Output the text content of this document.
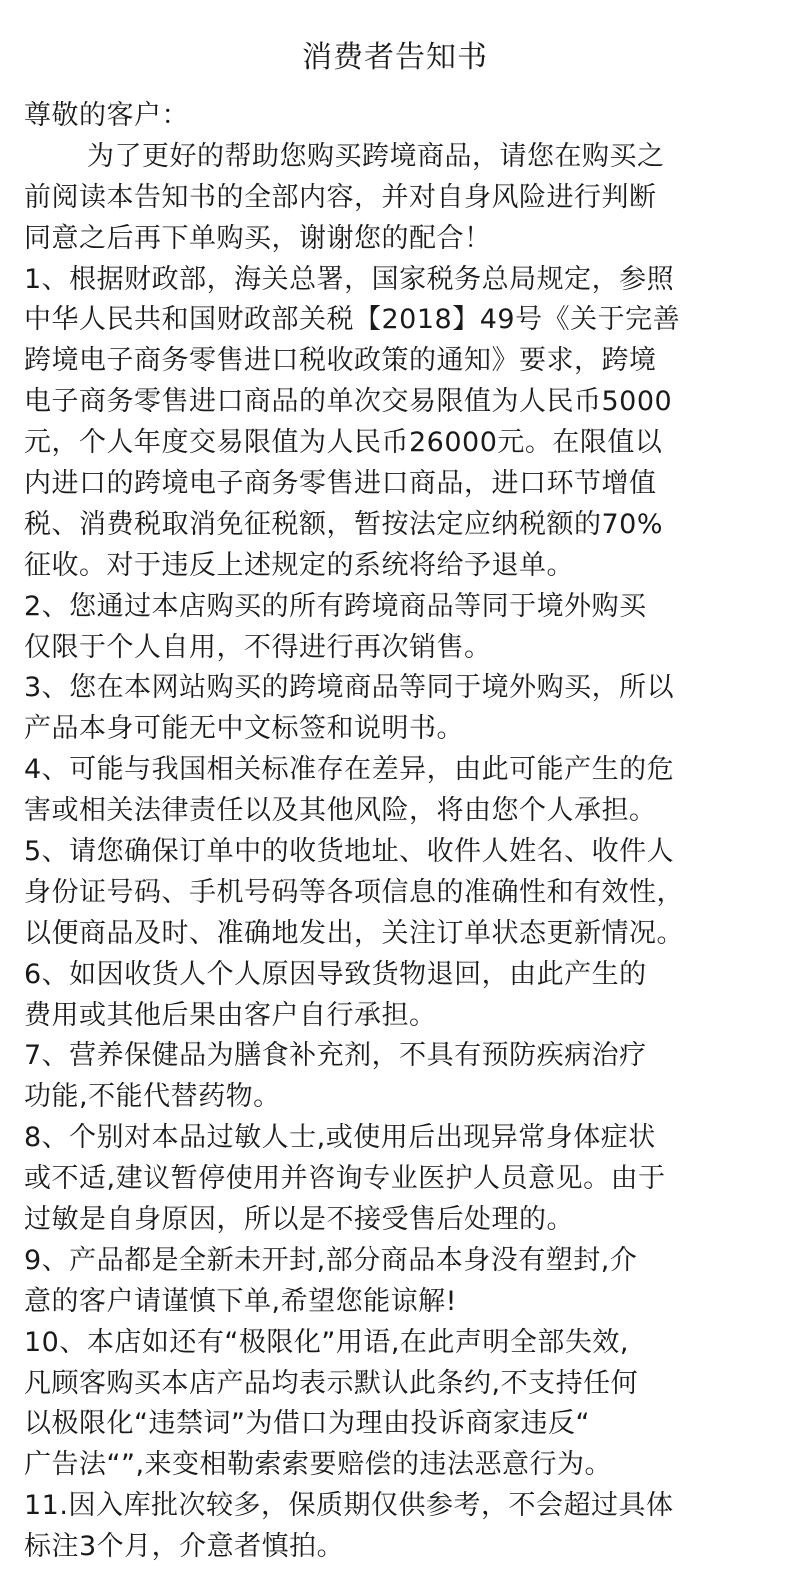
消费者告知书
尊敬的客户：
为了更好的帮助您购买跨境商品，请您在购买之
前阅读本告知书的全部内容，并对自身风险进行判断
同意之后再下单购买，谢谢您的配合！
1、根据财政部，海关总署，国家税务总局规定，参照
中华人民共和国财政部关税【2018】49号《关于完善
跨境电子商务零售进口税收政策的通知》要求，跨境
电子商务零售进口商品的单次交易限值为人民币5000
元，个人年度交易限值为人民币26000元。在限值以
内进口的跨境电子商务零售进口商品，进口环节增值
税、消费税取消免征税额，暂按法定应纳税额的70%
征收。对于违反上述规定的系统将给予退单。
2、您通过本店购买的所有跨境商品等同于境外购买
仅限于个人自用，不得进行再次销售。
3、您在本网站购买的跨境商品等同于境外购买，所以
产品本身可能无中文标签和说明书。
4、可能与我国相关标准存在差异，由此可能产生的危
害或相关法律责任以及其他风险，将由您个人承担。
5、请您确保订单中的收货地址、收件人姓名、收件人
身份证号码、手机号码等各项信息的准确性和有效性，
以便商品及时、准确地发出，关注订单状态更新情况。
6、如因收货人个人原因导致货物退回，由此产生的
费用或其他后果由客户自行承担。
7、营养保健品为膳食补充剂，不具有预防疾病治疗
功能,不能代替药物。
8、个别对本品过敏人士,或使用后出现异常身体症状
或不适,建议暂停使用并咨询专业医护人员意见。由于
过敏是自身原因，所以是不接受售后处理的。
9、产品都是全新未开封,部分商品本身没有塑封,介
意的客户请谨慎下单,希望您能谅解!
10、本店如还有“极限化”用语,在此声明全部失效,
凡顾客购买本店产品均表示默认此条约,不支持任何
以极限化“违禁词”为借口为理由投诉商家违反“
广告法“”,来变相勒索索要赔偿的违法恶意行为。
11.因入库批次较多，保质期仅供参考，不会超过具体
标注3个月，介意者慎拍。
